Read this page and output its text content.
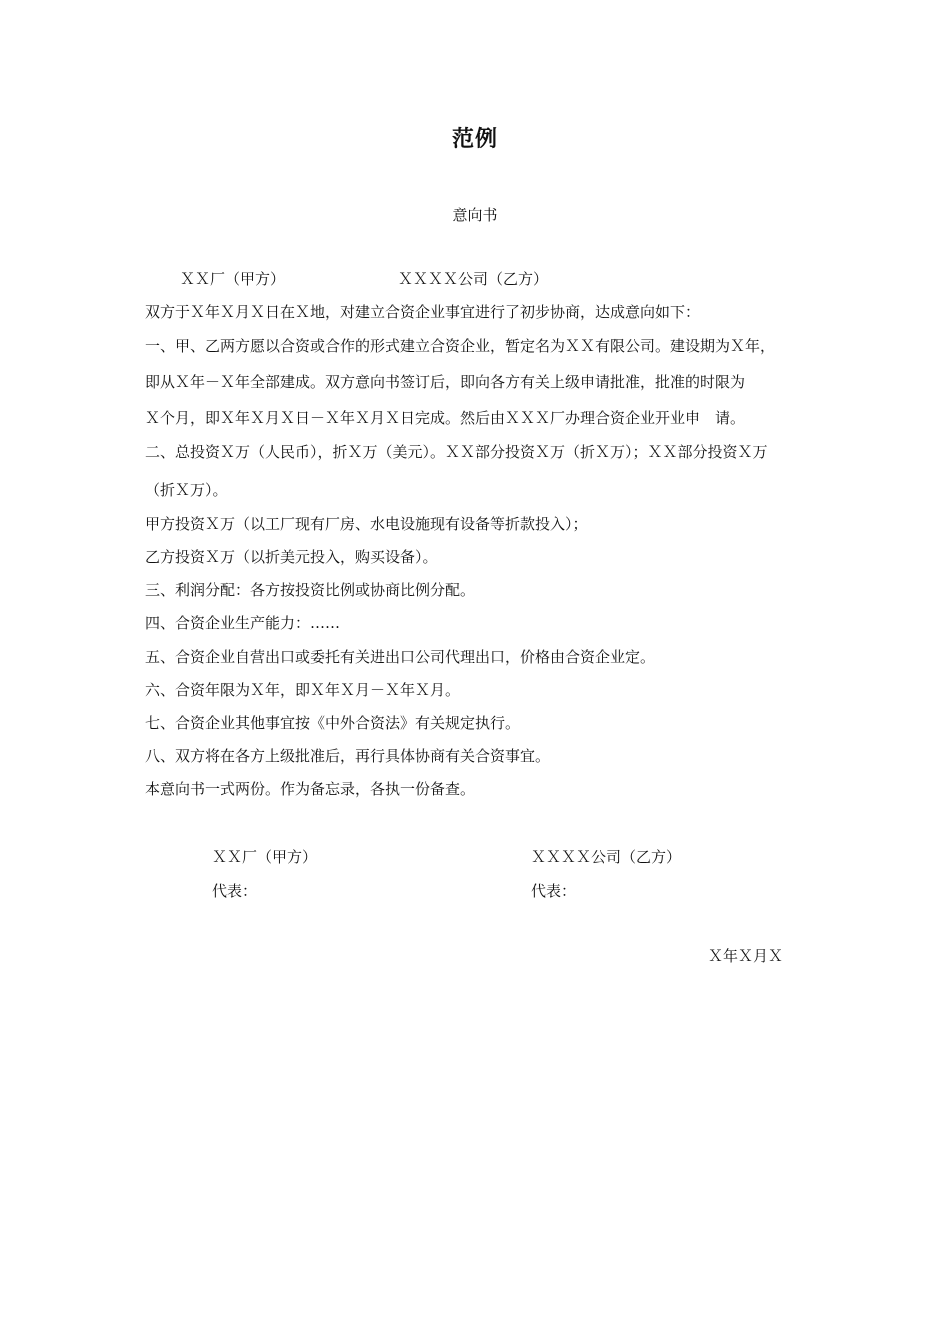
范例
意向书
ＸＸ厂（甲方）	ＸＸＸＸ公司（乙方）
双方于Ｘ年Ｘ月Ｘ日在Ｘ地，对建立合资企业事宜进行了初步协商，达成意向如下：
一、甲、乙两方愿以合资或合作的形式建立合资企业，暂定名为ＸＸ有限公司。建设期为Ｘ年，
即从Ｘ年－Ｘ年全部建成。双方意向书签订后，即向各方有关上级申请批准，批准的时限为
Ｘ个月，即Ｘ年Ｘ月Ｘ日－Ｘ年Ｘ月Ｘ日完成。然后由ＸＸＸ厂办理合资企业开业申　请。
二、总投资Ｘ万（人民币），折Ｘ万（美元）。ＸＸ部分投资Ｘ万（折Ｘ万）；ＸＸ部分投资Ｘ万
（折Ｘ万）。
甲方投资Ｘ万（以工厂现有厂房、水电设施现有设备等折款投入）；
乙方投资Ｘ万（以折美元投入，购买设备）。
三、利润分配：各方按投资比例或协商比例分配。
四、合资企业生产能力：……
五、合资企业自营出口或委托有关进出口公司代理出口，价格由合资企业定。
六、合资年限为Ｘ年，即Ｘ年Ｘ月－Ｘ年Ｘ月。
七、合资企业其他事宜按《中外合资法》有关规定执行。
八、双方将在各方上级批准后，再行具体协商有关合资事宜。
本意向书一式两份。作为备忘录，各执一份备查。
ＸＸ厂（甲方）	ＸＸＸＸ公司（乙方）
代表：	代表：
Ｘ年Ｘ月Ｘ
